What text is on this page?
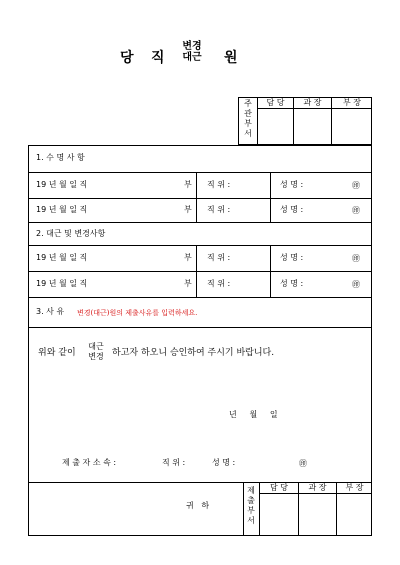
당 직
변경
대근	원
주관부서
담 당	과 장	부 장
1. 수 명 사 항
19 년 월 일 직	부 직 위 :	성 명 :	㊞
19 년 월 일 직	부 직 위 :	성 명 :	㊞
2. 대근 및 변경사항
19 년 월 일 직	부 직 위 :	성 명 :	㊞
19 년 월 일 직	부 직 위 :	성 명 :	㊞
3. 사 유 변경(대근)원의 제출사유를 입력하세요.
위와 같이
대근
변경 하고자 하오니 승인하여 주시기 바랍니다.
년     월     일
제 출 자 소 속 :	직 위 :	성 명 :	㊞
제출부서
담 당	과 장	부 장
귀   하
